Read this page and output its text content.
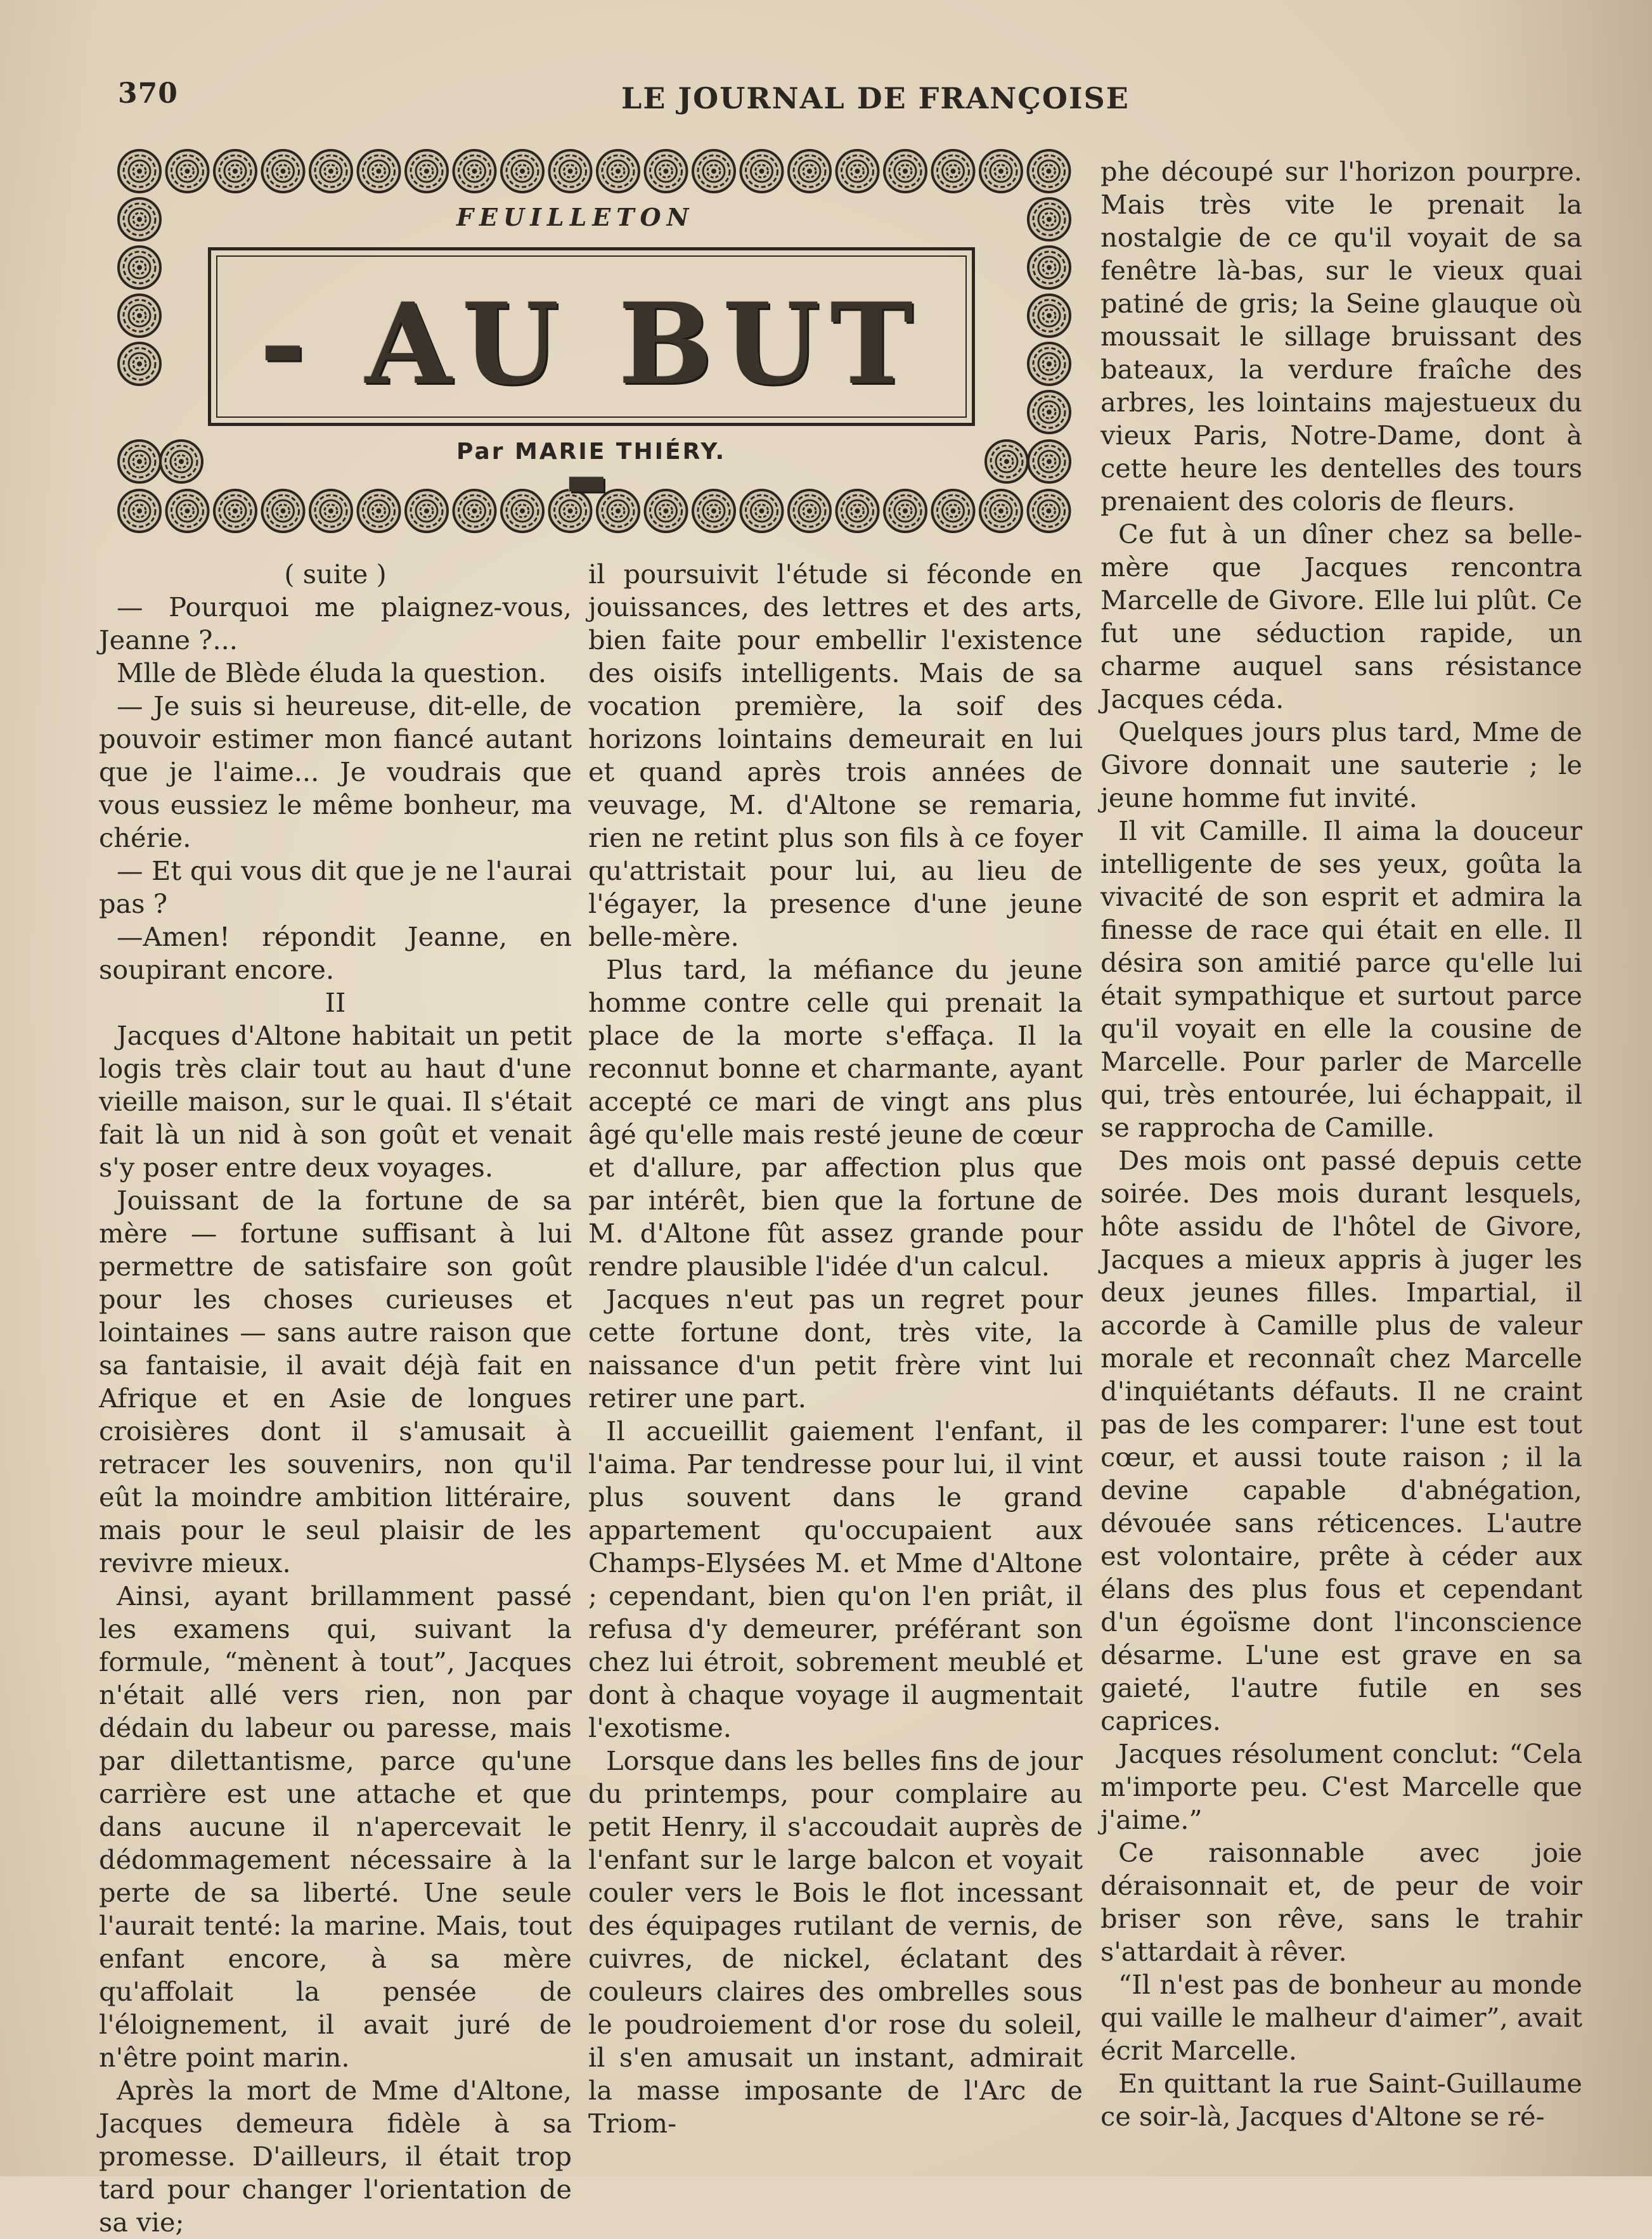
370	LE JOURNAL DE FRANÇOISE
FEUILLETON
- AU BUT -
Par MARIE THIÉRY.

( suite )

— Pourquoi me plaignez-vous, Jeanne ?...

Mlle de Blède éluda la question.

— Je suis si heureuse, dit-elle, de pouvoir estimer mon fiancé autant que je l'aime... Je voudrais que vous eussiez le même bonheur, ma chérie.

— Et qui vous dit que je ne l'aurai pas ?

—Amen! répondit Jeanne, en soupirant encore.

II

Jacques d'Altone habitait un petit logis très clair tout au haut d'une vieille maison, sur le quai. Il s'était fait là un nid à son goût et venait s'y poser entre deux voyages.

Jouissant de la fortune de sa mère — fortune suffisant à lui permettre de satisfaire son goût pour les choses curieuses et lointaines — sans autre raison que sa fantaisie, il avait déjà fait en Afrique et en Asie de longues croisières dont il s'amusait à retracer les souvenirs, non qu'il eût la moindre ambition littéraire, mais pour le seul plaisir de les revivre mieux.

Ainsi, ayant brillamment passé les examens qui, suivant la formule, “mènent à tout”, Jacques n'était allé vers rien, non par dédain du labeur ou paresse, mais par dilettantisme, parce qu'une carrière est une attache et que dans aucune il n'apercevait le dédommagement nécessaire à la perte de sa liberté. Une seule l'aurait tenté: la marine. Mais, tout enfant encore, à sa mère qu'affolait la pensée de l'éloignement, il avait juré de n'être point marin.

Après la mort de Mme d'Altone, Jacques demeura fidèle à sa promesse. D'ailleurs, il était trop tard pour changer l'orientation de sa vie;

il poursuivit l'étude si féconde en jouissances, des lettres et des arts, bien faite pour embellir l'existence des oisifs intelligents. Mais de sa vocation première, la soif des horizons lointains demeurait en lui et quand après trois années de veuvage, M. d'Altone se remaria, rien ne retint plus son fils à ce foyer qu'attristait pour lui, au lieu de l'égayer, la presence d'une jeune belle-mère.

Plus tard, la méfiance du jeune homme contre celle qui prenait la place de la morte s'effaça. Il la reconnut bonne et charmante, ayant accepté ce mari de vingt ans plus âgé qu'elle mais resté jeune de cœur et d'allure, par affection plus que par intérêt, bien que la fortune de M. d'Altone fût assez grande pour rendre plausible l'idée d'un calcul.

Jacques n'eut pas un regret pour cette fortune dont, très vite, la naissance d'un petit frère vint lui retirer une part.

Il accueillit gaiement l'enfant, il l'aima. Par tendresse pour lui, il vint plus souvent dans le grand appartement qu'occupaient aux Champs-Elysées M. et Mme d'Altone ; cependant, bien qu'on l'en priât, il refusa d'y demeurer, préférant son chez lui étroit, sobrement meublé et dont à chaque voyage il augmentait l'exotisme.

Lorsque dans les belles fins de jour du printemps, pour complaire au petit Henry, il s'accoudait auprès de l'enfant sur le large balcon et voyait couler vers le Bois le flot incessant des équipages rutilant de vernis, de cuivres, de nickel, éclatant des couleurs claires des ombrelles sous le poudroiement d'or rose du soleil, il s'en amusait un instant, admirait la masse imposante de l'Arc de Triom-

phe découpé sur l'horizon pourpre. Mais très vite le prenait la nostalgie de ce qu'il voyait de sa fenêtre là-bas, sur le vieux quai patiné de gris; la Seine glauque où moussait le sillage bruissant des bateaux, la verdure fraîche des arbres, les lointains majestueux du vieux Paris, Notre-Dame, dont à cette heure les dentelles des tours prenaient des coloris de fleurs.

Ce fut à un dîner chez sa belle-mère que Jacques rencontra Marcelle de Givore. Elle lui plût. Ce fut une séduction rapide, un charme auquel sans résistance Jacques céda.

Quelques jours plus tard, Mme de Givore donnait une sauterie ; le jeune homme fut invité.

Il vit Camille. Il aima la douceur intelligente de ses yeux, goûta la vivacité de son esprit et admira la finesse de race qui était en elle. Il désira son amitié parce qu'elle lui était sympathique et surtout parce qu'il voyait en elle la cousine de Marcelle. Pour parler de Marcelle qui, très entourée, lui échappait, il se rapprocha de Camille.

Des mois ont passé depuis cette soirée. Des mois durant lesquels, hôte assidu de l'hôtel de Givore, Jacques a mieux appris à juger les deux jeunes filles. Impartial, il accorde à Camille plus de valeur morale et reconnaît chez Marcelle d'inquiétants défauts. Il ne craint pas de les comparer: l'une est tout cœur, et aussi toute raison ; il la devine capable d'abnégation, dévouée sans réticences. L'autre est volontaire, prête à céder aux élans des plus fous et cependant d'un égoïsme dont l'inconscience désarme. L'une est grave en sa gaieté, l'autre futile en ses caprices.

Jacques résolument conclut: “Cela m'importe peu. C'est Marcelle que j'aime.”

Ce raisonnable avec joie déraisonnait et, de peur de voir briser son rêve, sans le trahir s'attardait à rêver.

“Il n'est pas de bonheur au monde qui vaille le malheur d'aimer”, avait écrit Marcelle.

En quittant la rue Saint-Guillaume ce soir-là, Jacques d'Altone se ré-
